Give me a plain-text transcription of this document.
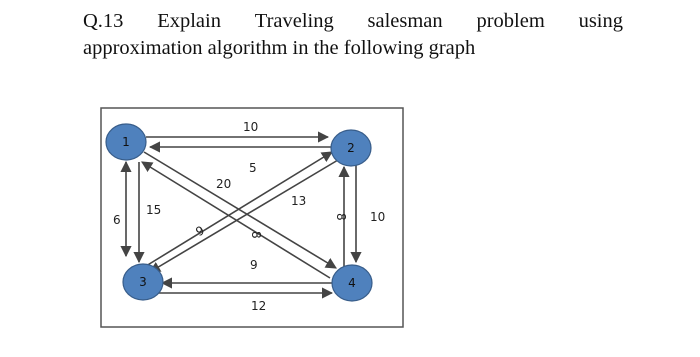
Q.13 Explain Traveling salesman problem using
approximation algorithm in the following graph
10
5
6
15
20
13
8 10
9	8
9
12
1	2
3	4
